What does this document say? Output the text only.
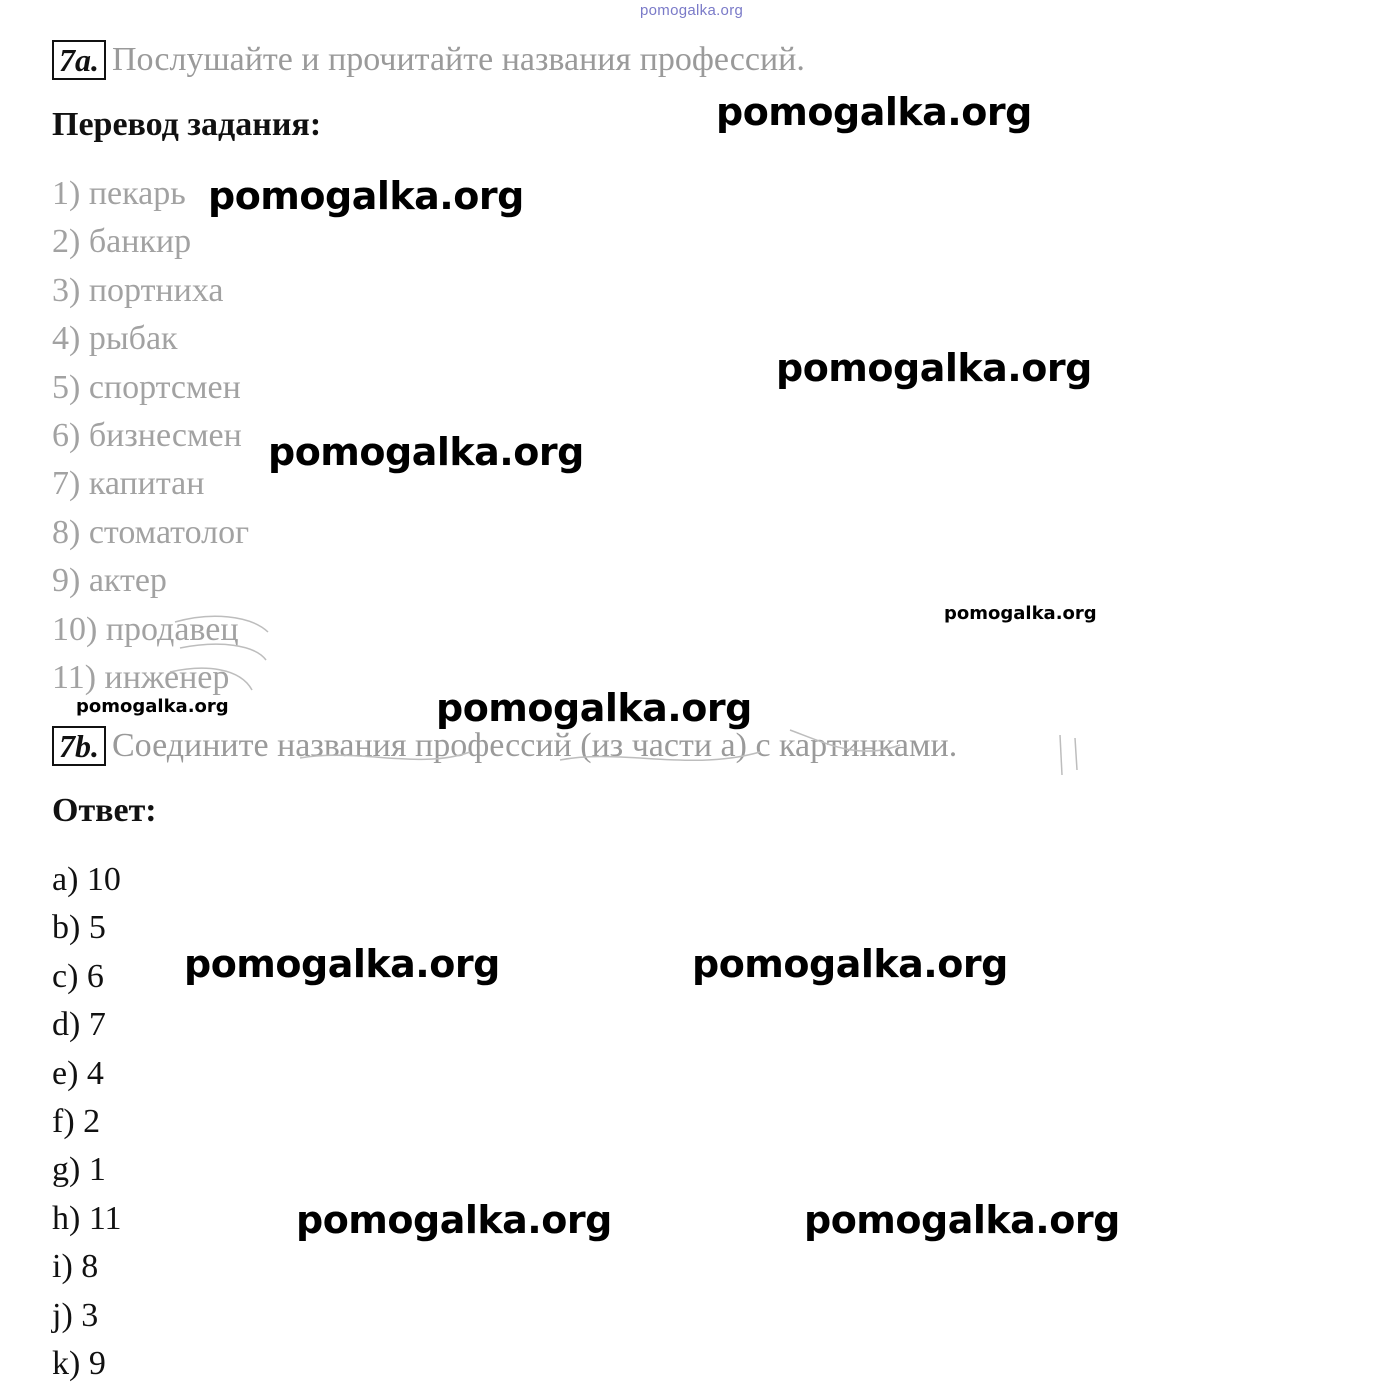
pomogalka.org
7a. Послушайте и прочитайте названия профессий.
Перевод задания:
1) пекарь
2) банкир
3) портниха
4) рыбак
5) спортсмен
6) бизнесмен
7) капитан
8) стоматолог
9) актер
10) продавец
11) инженер
7b. Соедините названия профессий (из части а) с картинками.
Ответ:
a) 10
b) 5
c) 6
d) 7
e) 4
f) 2
g) 1
h) 11
i) 8
j) 3
k) 9
pomogalka.org
pomogalka.org
pomogalka.org
pomogalka.org
pomogalka.org
pomogalka.org	pomogalka.org
pomogalka.org	pomogalka.org
pomogalka.org	pomogalka.org
